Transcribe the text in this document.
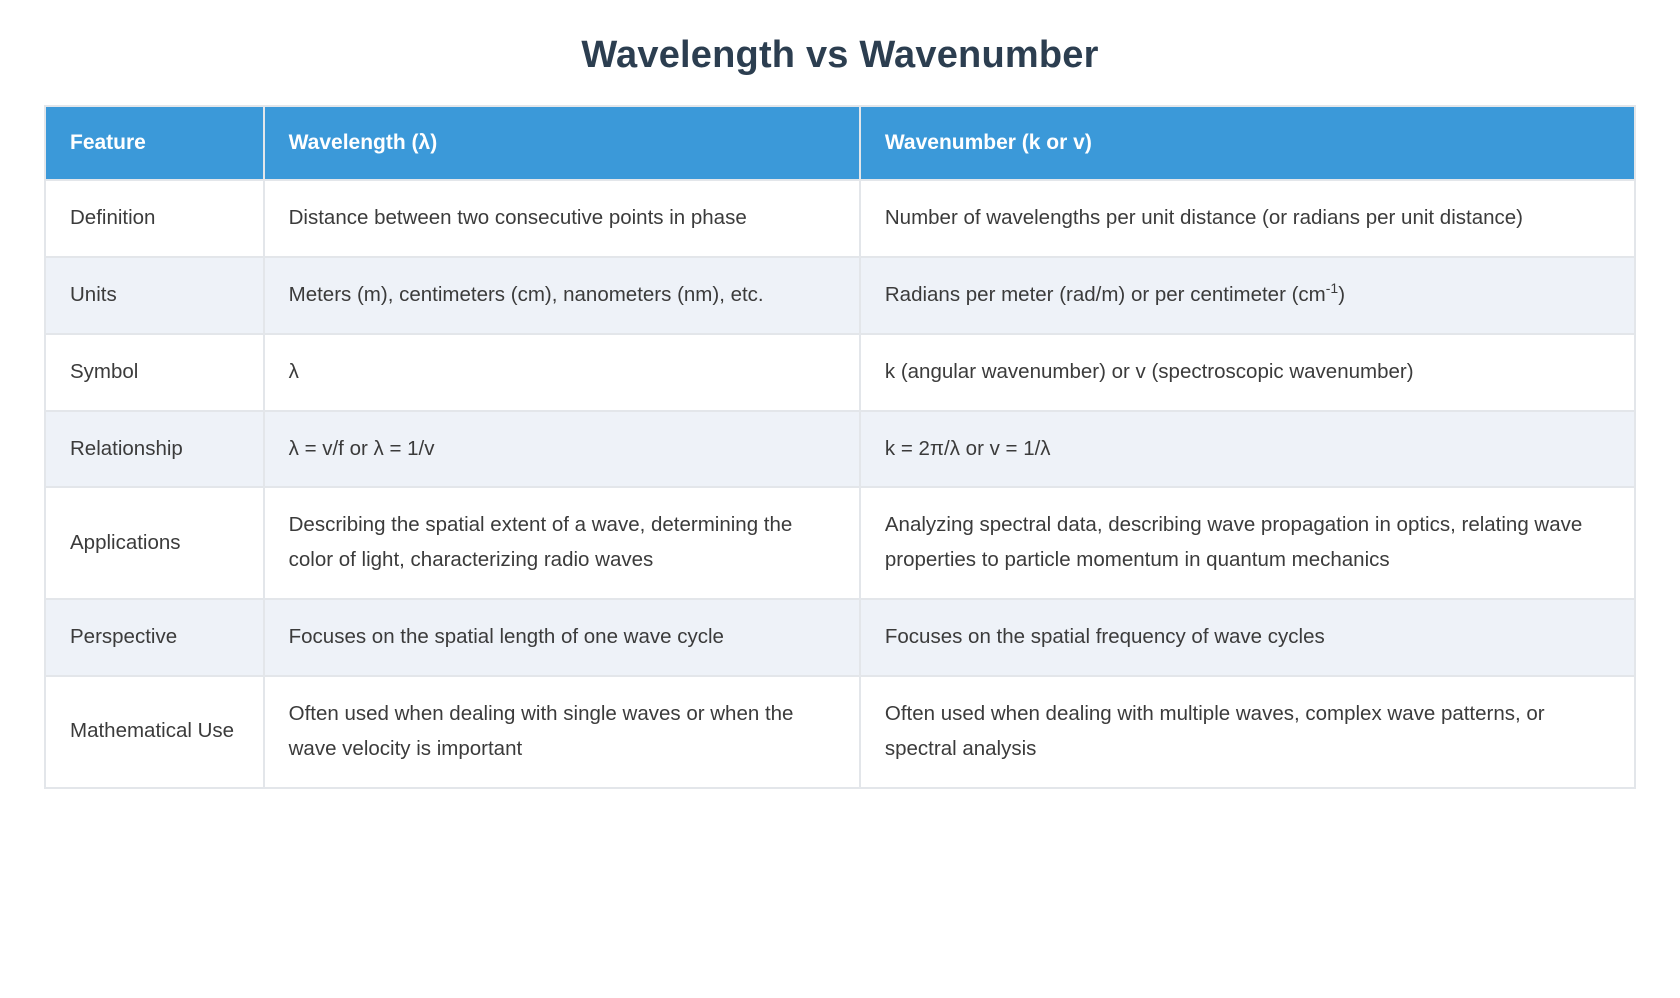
Wavelength vs Wavenumber
Feature	Wavelength (λ)	Wavenumber (k or v)
Definition	Distance between two consecutive points in phase	Number of wavelengths per unit distance (or radians per unit distance)
Units	Meters (m), centimeters (cm), nanometers (nm), etc.	Radians per meter (rad/m) or per centimeter $(cm^{-1})$
Symbol	λ	k (angular wavenumber) or v (spectroscopic wavenumber)
Relationship	λ = v/f or λ = 1/v	k = 2π/λ or v = 1/λ
Applications	Describing the spatial extent of a wave, determining the color of light, characterizing radio waves	Analyzing spectral data, describing wave propagation in optics, relating wave properties to particle momentum in quantum mechanics
Perspective	Focuses on the spatial length of one wave cycle	Focuses on the spatial frequency of wave cycles
Mathematical Use	Often used when dealing with single waves or when the wave velocity is important	Often used when dealing with multiple waves, complex wave patterns, or spectral analysis
